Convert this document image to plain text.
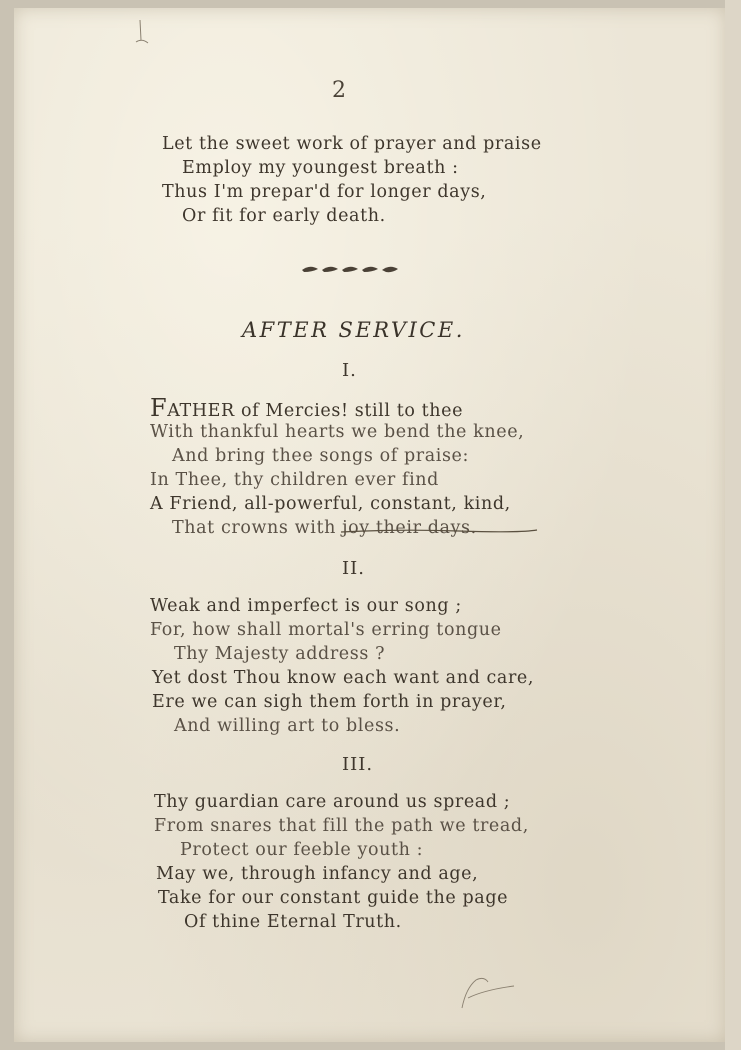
2
Let the sweet work of prayer and praise
Employ my youngest breath :
Thus I'm prepar'd for longer days,
Or fit for early death.
AFTER SERVICE.
I.
FATHER of Mercies! still to thee
With thankful hearts we bend the knee,
And bring thee songs of praise:
In Thee, thy children ever find
A Friend, all-powerful, constant, kind,
That crowns with joy their days.
II.
Weak and imperfect is our song ;
For, how shall mortal's erring tongue
Thy Majesty address ?
Yet dost Thou know each want and care,
Ere we can sigh them forth in prayer,
And willing art to bless.
III.
Thy guardian care around us spread ;
From snares that fill the path we tread,
Protect our feeble youth :
May we, through infancy and age,
Take for our constant guide the page
Of thine Eternal Truth.
